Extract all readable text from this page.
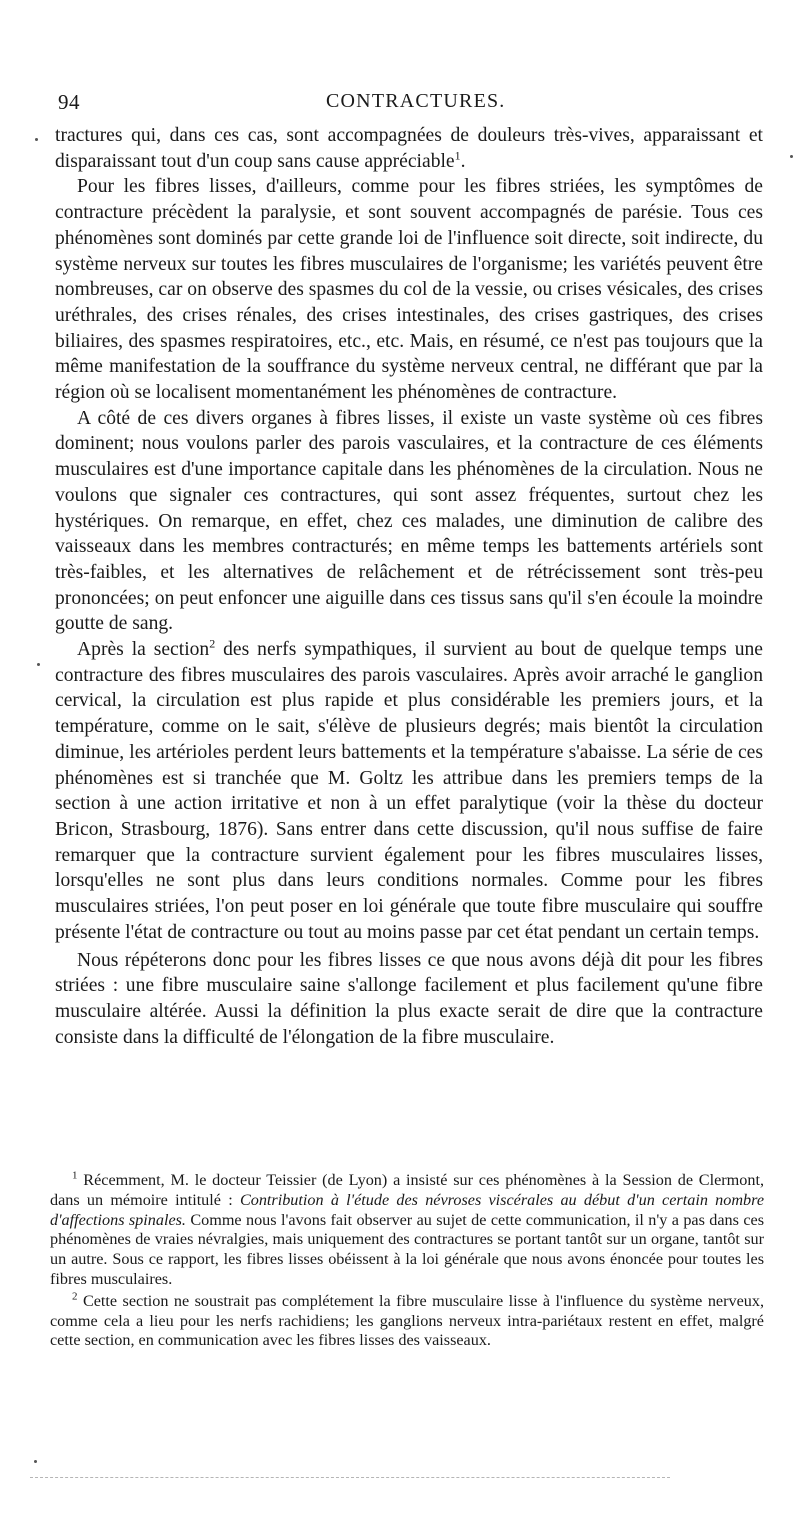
94	CONTRACTURES.

tractures qui, dans ces cas, sont accompagnées de douleurs très-vives, apparaissant et disparaissant tout d'un coup sans cause appréciable$^1$.

Pour les fibres lisses, d'ailleurs, comme pour les fibres striées, les symptômes de contracture précèdent la paralysie, et sont souvent accompagnés de parésie. Tous ces phénomènes sont dominés par cette grande loi de l'influence soit directe, soit indirecte, du système nerveux sur toutes les fibres musculaires de l'organisme; les variétés peuvent être nombreuses, car on observe des spasmes du col de la vessie, ou crises vésicales, des crises uréthrales, des crises rénales, des crises intestinales, des crises gastriques, des crises biliaires, des spasmes respiratoires, etc., etc. Mais, en résumé, ce n'est pas toujours que la même manifestation de la souffrance du système nerveux central, ne différant que par la région où se localisent momentanément les phénomènes de contracture.

A côté de ces divers organes à fibres lisses, il existe un vaste système où ces fibres dominent; nous voulons parler des parois vasculaires, et la contracture de ces éléments musculaires est d'une importance capitale dans les phénomènes de la circulation. Nous ne voulons que signaler ces contractures, qui sont assez fréquentes, surtout chez les hystériques. On remarque, en effet, chez ces malades, une diminution de calibre des vaisseaux dans les membres contracturés; en même temps les battements artériels sont très-faibles, et les alternatives de relâchement et de rétrécissement sont très-peu prononcées; on peut enfoncer une aiguille dans ces tissus sans qu'il s'en écoule la moindre goutte de sang.

Après la section$^2$ des nerfs sympathiques, il survient au bout de quelque temps une contracture des fibres musculaires des parois vasculaires. Après avoir arraché le ganglion cervical, la circulation est plus rapide et plus considérable les premiers jours, et la température, comme on le sait, s'élève de plusieurs degrés; mais bientôt la circulation diminue, les artérioles perdent leurs battements et la température s'abaisse. La série de ces phénomènes est si tranchée que M. Goltz les attribue dans les premiers temps de la section à une action irritative et non à un effet paralytique (voir la thèse du docteur Bricon, Strasbourg, 1876). Sans entrer dans cette discussion, qu'il nous suffise de faire remarquer que la contracture survient également pour les fibres musculaires lisses, lorsqu'elles ne sont plus dans leurs conditions normales. Comme pour les fibres musculaires striées, l'on peut poser en loi générale que toute fibre musculaire qui souffre présente l'état de contracture ou tout au moins passe par cet état pendant un certain temps.

Nous répéterons donc pour les fibres lisses ce que nous avons déjà dit pour les fibres striées : une fibre musculaire saine s'allonge facilement et plus facilement qu'une fibre musculaire altérée. Aussi la définition la plus exacte serait de dire que la contracture consiste dans la difficulté de l'élongation de la fibre musculaire.

$^1$ Récemment, M. le docteur Teissier (de Lyon) a insisté sur ces phénomènes à la Session de Clermont, dans un mémoire intitulé : Contribution à l'étude des névroses viscérales au début d'un certain nombre d'affections spinales. Comme nous l'avons fait observer au sujet de cette communication, il n'y a pas dans ces phénomènes de vraies névralgies, mais uniquement des contractures se portant tantôt sur un organe, tantôt sur un autre. Sous ce rapport, les fibres lisses obéissent à la loi générale que nous avons énoncée pour toutes les fibres musculaires.

$^2$ Cette section ne soustrait pas complétement la fibre musculaire lisse à l'influence du système nerveux, comme cela a lieu pour les nerfs rachidiens; les ganglions nerveux intra-pariétaux restent en effet, malgré cette section, en communication avec les fibres lisses des vaisseaux.
